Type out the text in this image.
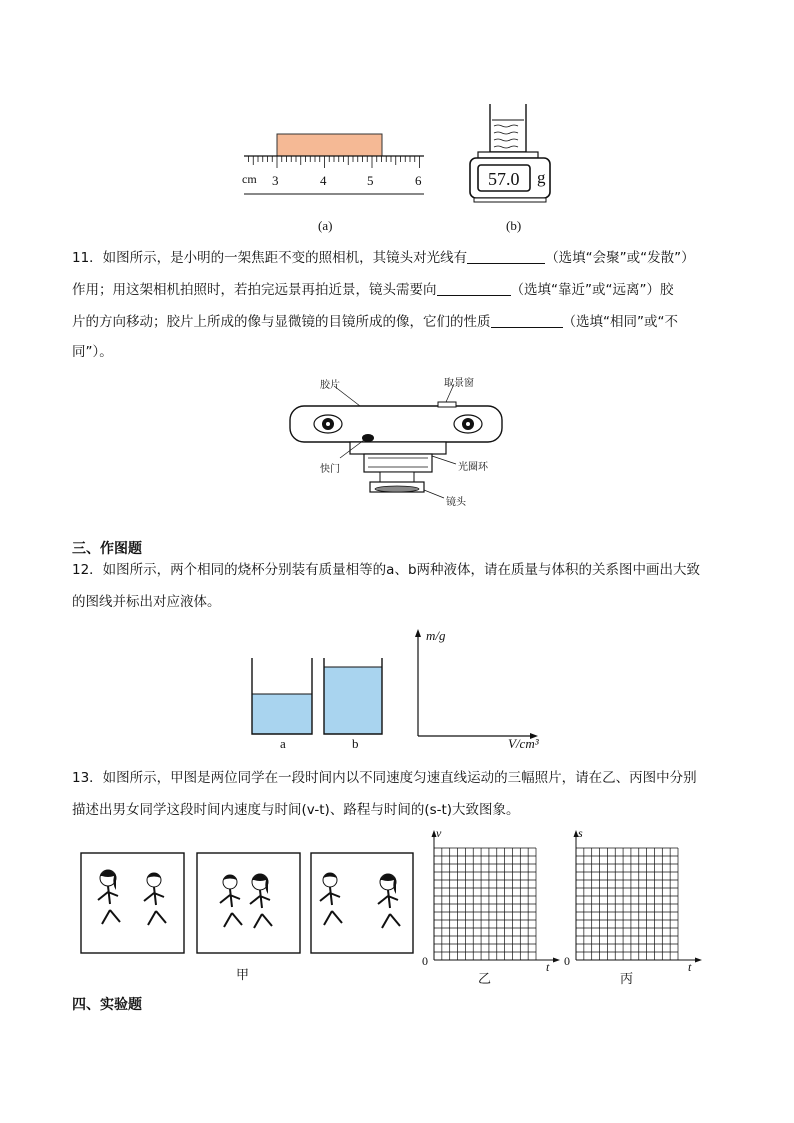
cm 3	4	5	6
(a)
57.0 g
(b)
11．如图所示，是小明的一架焦距不变的照相机，其镜头对光线有	（选填“会聚”或“发散”）
作用；用这架相机拍照时，若拍完远景再拍近景，镜头需要向	（选填“靠近”或“远离”）胶
片的方向移动；胶片上所成的像与显微镜的目镜所成的像，它们的性质	（选填“相同”或“不
同”）。
胶片	取景窗
快门	光圈环
镜头
三、作图题
12．如图所示，两个相同的烧杯分别装有质量相等的a、b两种液体，请在质量与体积的关系图中画出大致
的图线并标出对应液体。
a	b
m/g
V/cm³
13．如图所示，甲图是两位同学在一段时间内以不同速度匀速直线运动的三幅照片，请在乙、丙图中分别
描述出男女同学这段时间内速度与时间(v-t)、路程与时间的(s-t)大致图象。
甲
v
0	t
乙
s
0	t
丙
四、实验题
